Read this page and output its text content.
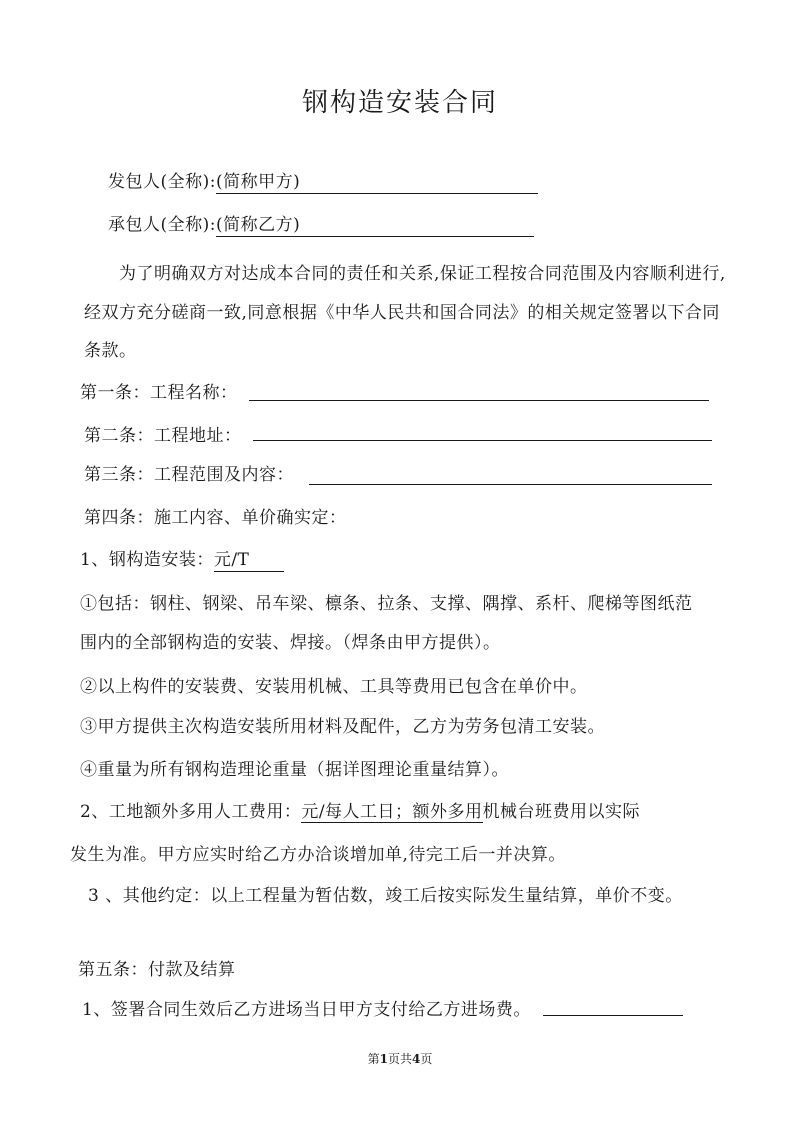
钢构造安装合同
发包人(全称):(简称甲方)
承包人(全称):(简称乙方)
为了明确双方对达成本合同的责任和关系,保证工程按合同范围及内容顺利进行,
经双方充分磋商一致,同意根据《中华人民共和国合同法》的相关规定签署以下合同
条款。
第一条：工程名称：
第二条：工程地址：
第三条：工程范围及内容：
第四条：施工内容、单价确实定：
1、钢构造安装：元/T
①包括：钢柱、钢梁、吊车梁、檩条、拉条、支撑、隅撑、系杆、爬梯等图纸范
围内的全部钢构造的安装、焊接。（焊条由甲方提供）。
②以上构件的安装费、安装用机械、工具等费用已包含在单价中。
③甲方提供主次构造安装所用材料及配件，乙方为劳务包清工安装。
④重量为所有钢构造理论重量（据详图理论重量结算）。
2、工地额外多用人工费用：元/每人工日；额外多用机械台班费用以实际
发生为准。甲方应实时给乙方办洽谈增加单,待完工后一并决算。
3 、其他约定：以上工程量为暂估数，竣工后按实际发生量结算，单价不变。
第五条：付款及结算
1、签署合同生效后乙方进场当日甲方支付给乙方进场费。
第1页共4页
